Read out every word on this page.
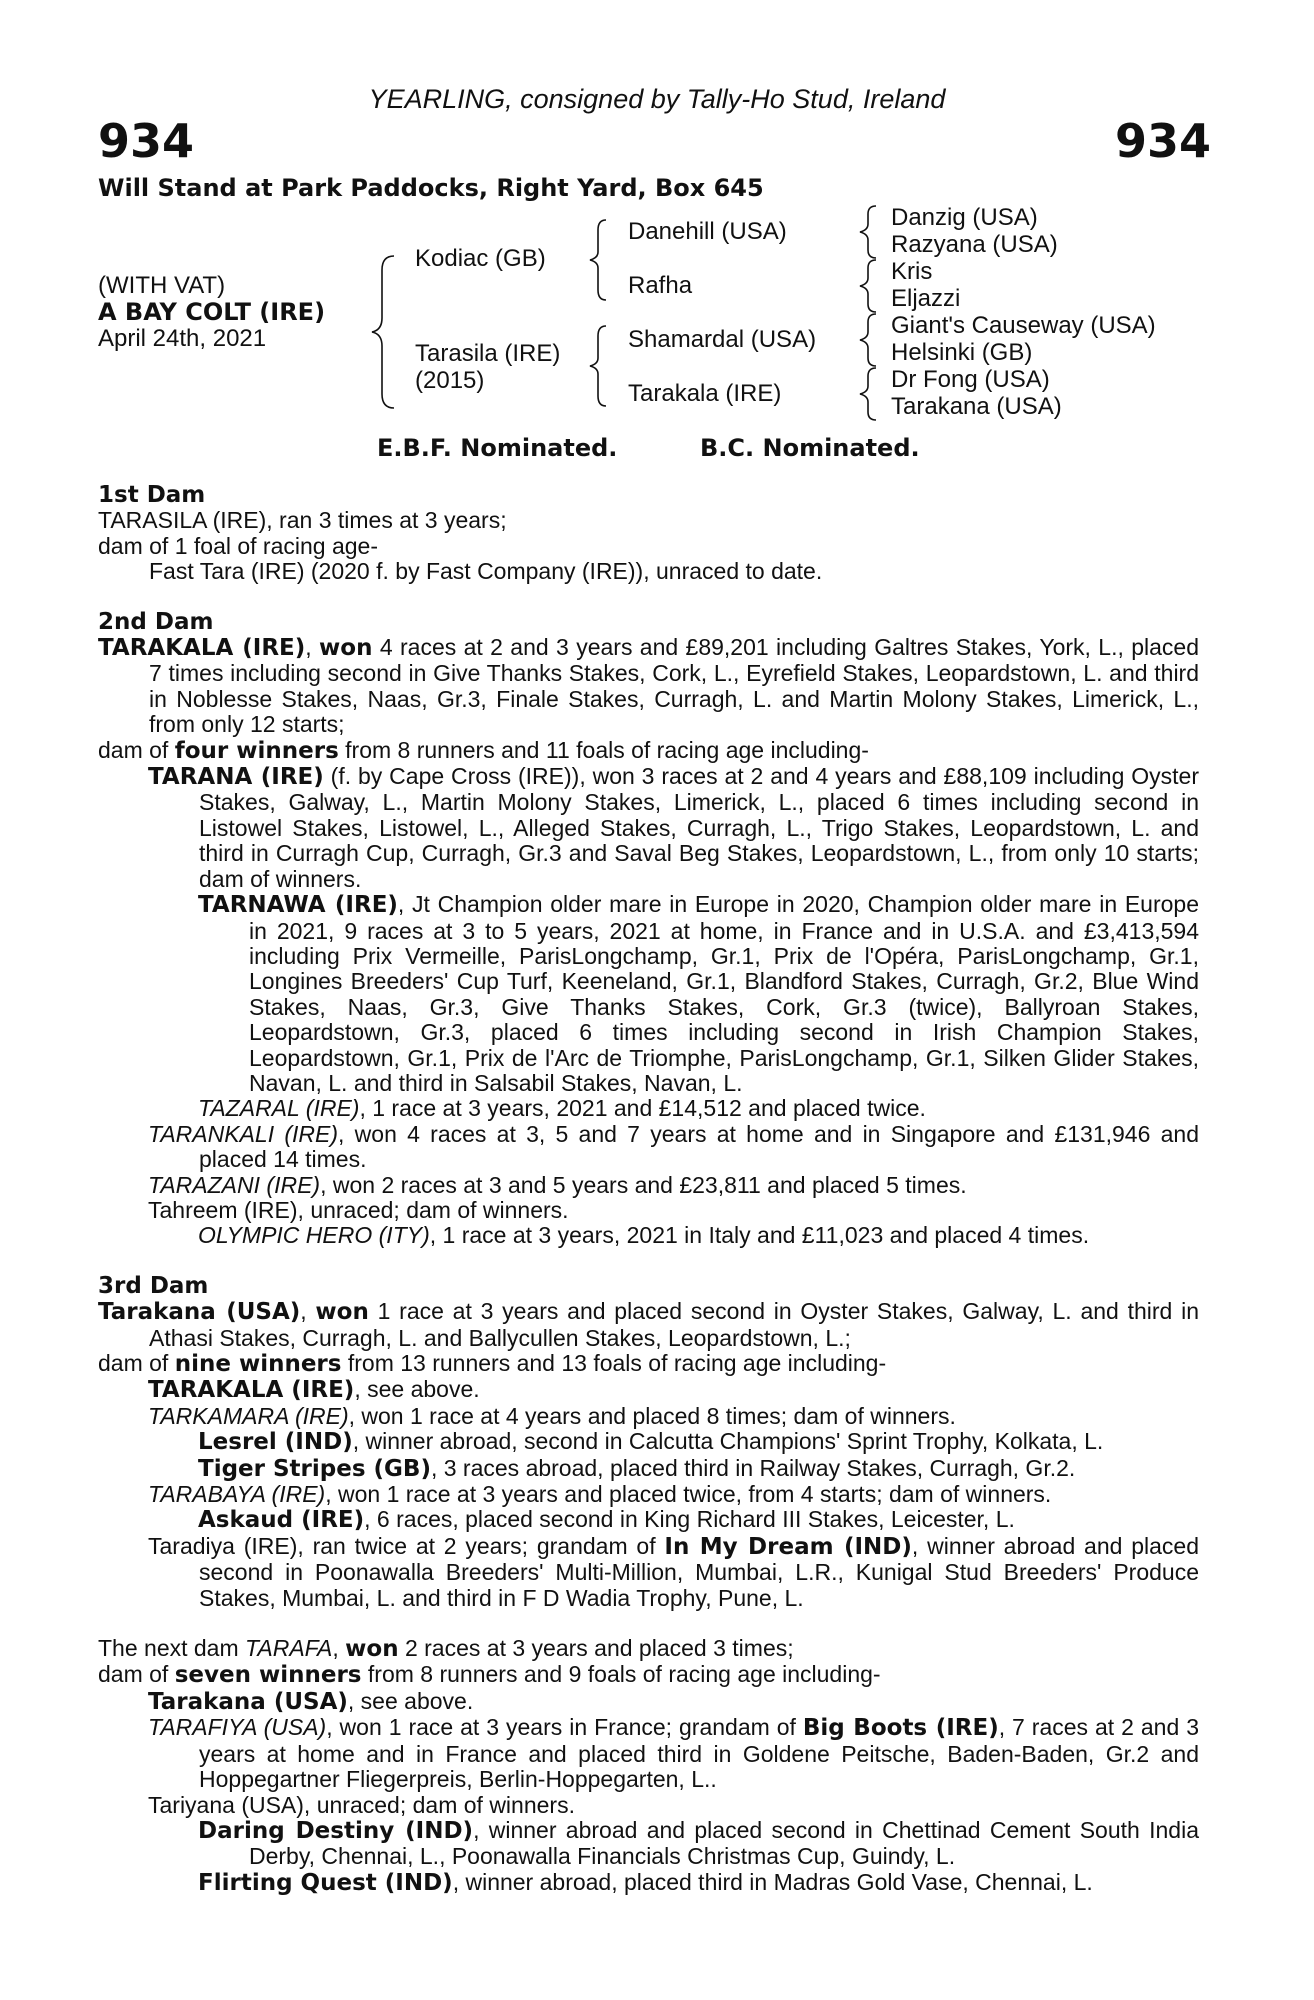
YEARLING, consigned by Tally-Ho Stud, Ireland
934	934
Will Stand at Park Paddocks, Right Yard, Box 645
(WITH VAT)
A BAY COLT (IRE)
April 24th, 2021
Kodiac (GB)
Tarasila (IRE)
(2015)
Danehill (USA)
Rafha
Shamardal (USA)
Tarakala (IRE)
Danzig (USA)
Razyana (USA)
Kris
Eljazzi
Giant's Causeway (USA)
Helsinki (GB)
Dr Fong (USA)
Tarakana (USA)
E.B.F. Nominated.	B.C. Nominated.

1st Dam

TARASILA (IRE), ran 3 times at 3 years;

dam of 1 foal of racing age-

Fast Tara (IRE) (2020 f. by Fast Company (IRE)), unraced to date.

2nd Dam

TARAKALA (IRE), won 4 races at 2 and 3 years and £89,201 including Galtres Stakes, York, L., placed 7 times including second in Give Thanks Stakes, Cork, L., Eyrefield Stakes, Leopardstown, L. and third in Noblesse Stakes, Naas, Gr.3, Finale Stakes, Curragh, L. and Martin Molony Stakes, Limerick, L., from only 12 starts;

dam of four winners from 8 runners and 11 foals of racing age including-

TARANA (IRE) (f. by Cape Cross (IRE)), won 3 races at 2 and 4 years and £88,109 including Oyster Stakes, Galway, L., Martin Molony Stakes, Limerick, L., placed 6 times including second in Listowel Stakes, Listowel, L., Alleged Stakes, Curragh, L., Trigo Stakes, Leopardstown, L. and third in Curragh Cup, Curragh, Gr.3 and Saval Beg Stakes, Leopardstown, L., from only 10 starts; dam of winners.

TARNAWA (IRE), Jt Champion older mare in Europe in 2020, Champion older mare in Europe in 2021, 9 races at 3 to 5 years, 2021 at home, in France and in U.S.A. and £3,413,594 including Prix Vermeille, ParisLongchamp, Gr.1, Prix de l'Opéra, ParisLongchamp, Gr.1, Longines Breeders' Cup Turf, Keeneland, Gr.1, Blandford Stakes, Curragh, Gr.2, Blue Wind Stakes, Naas, Gr.3, Give Thanks Stakes, Cork, Gr.3 (twice), Ballyroan Stakes, Leopardstown, Gr.3, placed 6 times including second in Irish Champion Stakes, Leopardstown, Gr.1, Prix de l'Arc de Triomphe, ParisLongchamp, Gr.1, Silken Glider Stakes, Navan, L. and third in Salsabil Stakes, Navan, L.

TAZARAL (IRE), 1 race at 3 years, 2021 and £14,512 and placed twice.

TARANKALI (IRE), won 4 races at 3, 5 and 7 years at home and in Singapore and £131,946 and placed 14 times.

TARAZANI (IRE), won 2 races at 3 and 5 years and £23,811 and placed 5 times.

Tahreem (IRE), unraced; dam of winners.

OLYMPIC HERO (ITY), 1 race at 3 years, 2021 in Italy and £11,023 and placed 4 times.

3rd Dam

Tarakana (USA), won 1 race at 3 years and placed second in Oyster Stakes, Galway, L. and third in Athasi Stakes, Curragh, L. and Ballycullen Stakes, Leopardstown, L.;

dam of nine winners from 13 runners and 13 foals of racing age including-

TARAKALA (IRE), see above.

TARKAMARA (IRE), won 1 race at 4 years and placed 8 times; dam of winners.

Lesrel (IND), winner abroad, second in Calcutta Champions' Sprint Trophy, Kolkata, L.

Tiger Stripes (GB), 3 races abroad, placed third in Railway Stakes, Curragh, Gr.2.

TARABAYA (IRE), won 1 race at 3 years and placed twice, from 4 starts; dam of winners.

Askaud (IRE), 6 races, placed second in King Richard III Stakes, Leicester, L.

Taradiya (IRE), ran twice at 2 years; grandam of In My Dream (IND), winner abroad and placed second in Poonawalla Breeders' Multi-Million, Mumbai, L.R., Kunigal Stud Breeders' Produce Stakes, Mumbai, L. and third in F D Wadia Trophy, Pune, L.

The next dam TARAFA, won 2 races at 3 years and placed 3 times;

dam of seven winners from 8 runners and 9 foals of racing age including-

Tarakana (USA), see above.

TARAFIYA (USA), won 1 race at 3 years in France; grandam of Big Boots (IRE), 7 races at 2 and 3 years at home and in France and placed third in Goldene Peitsche, Baden-Baden, Gr.2 and Hoppegartner Fliegerpreis, Berlin-Hoppegarten, L..

Tariyana (USA), unraced; dam of winners.

Daring Destiny (IND), winner abroad and placed second in Chettinad Cement South India Derby, Chennai, L., Poonawalla Financials Christmas Cup, Guindy, L.

Flirting Quest (IND), winner abroad, placed third in Madras Gold Vase, Chennai, L.
